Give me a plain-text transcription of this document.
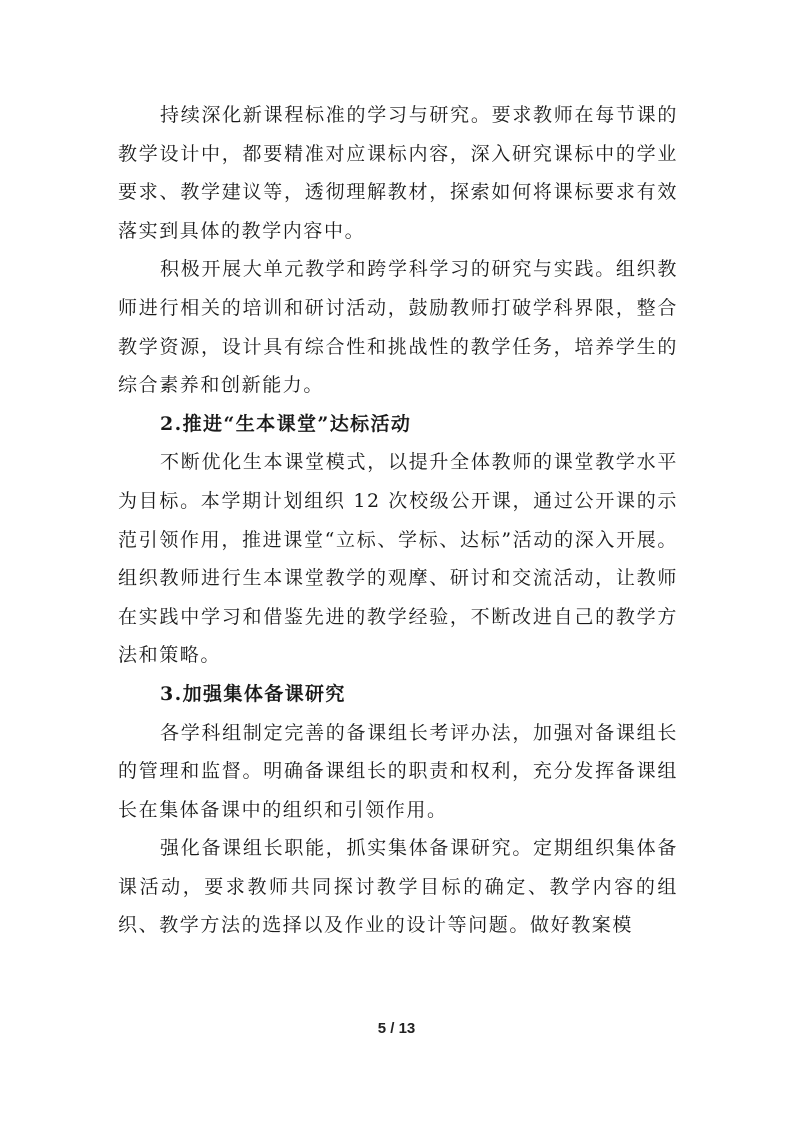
持续深化新课程标准的学习与研究。要求教师在每节课的教学设计中，都要精准对应课标内容，深入研究课标中的学业要求、教学建议等，透彻理解教材，探索如何将课标要求有效落实到具体的教学内容中。

积极开展大单元教学和跨学科学习的研究与实践。组织教师进行相关的培训和研讨活动，鼓励教师打破学科界限，整合教学资源，设计具有综合性和挑战性的教学任务，培养学生的综合素养和创新能力。

2.推进“生本课堂”达标活动

不断优化生本课堂模式，以提升全体教师的课堂教学水平为目标。本学期计划组织 12 次校级公开课，通过公开课的示范引领作用，推进课堂“立标、学标、达标”活动的深入开展。组织教师进行生本课堂教学的观摩、研讨和交流活动，让教师在实践中学习和借鉴先进的教学经验，不断改进自己的教学方法和策略。

3.加强集体备课研究

各学科组制定完善的备课组长考评办法，加强对备课组长的管理和监督。明确备课组长的职责和权利，充分发挥备课组长在集体备课中的组织和引领作用。

强化备课组长职能，抓实集体备课研究。定期组织集体备课活动，要求教师共同探讨教学目标的确定、教学内容的组织、教学方法的选择以及作业的设计等问题。做好教案模

5 / 13
